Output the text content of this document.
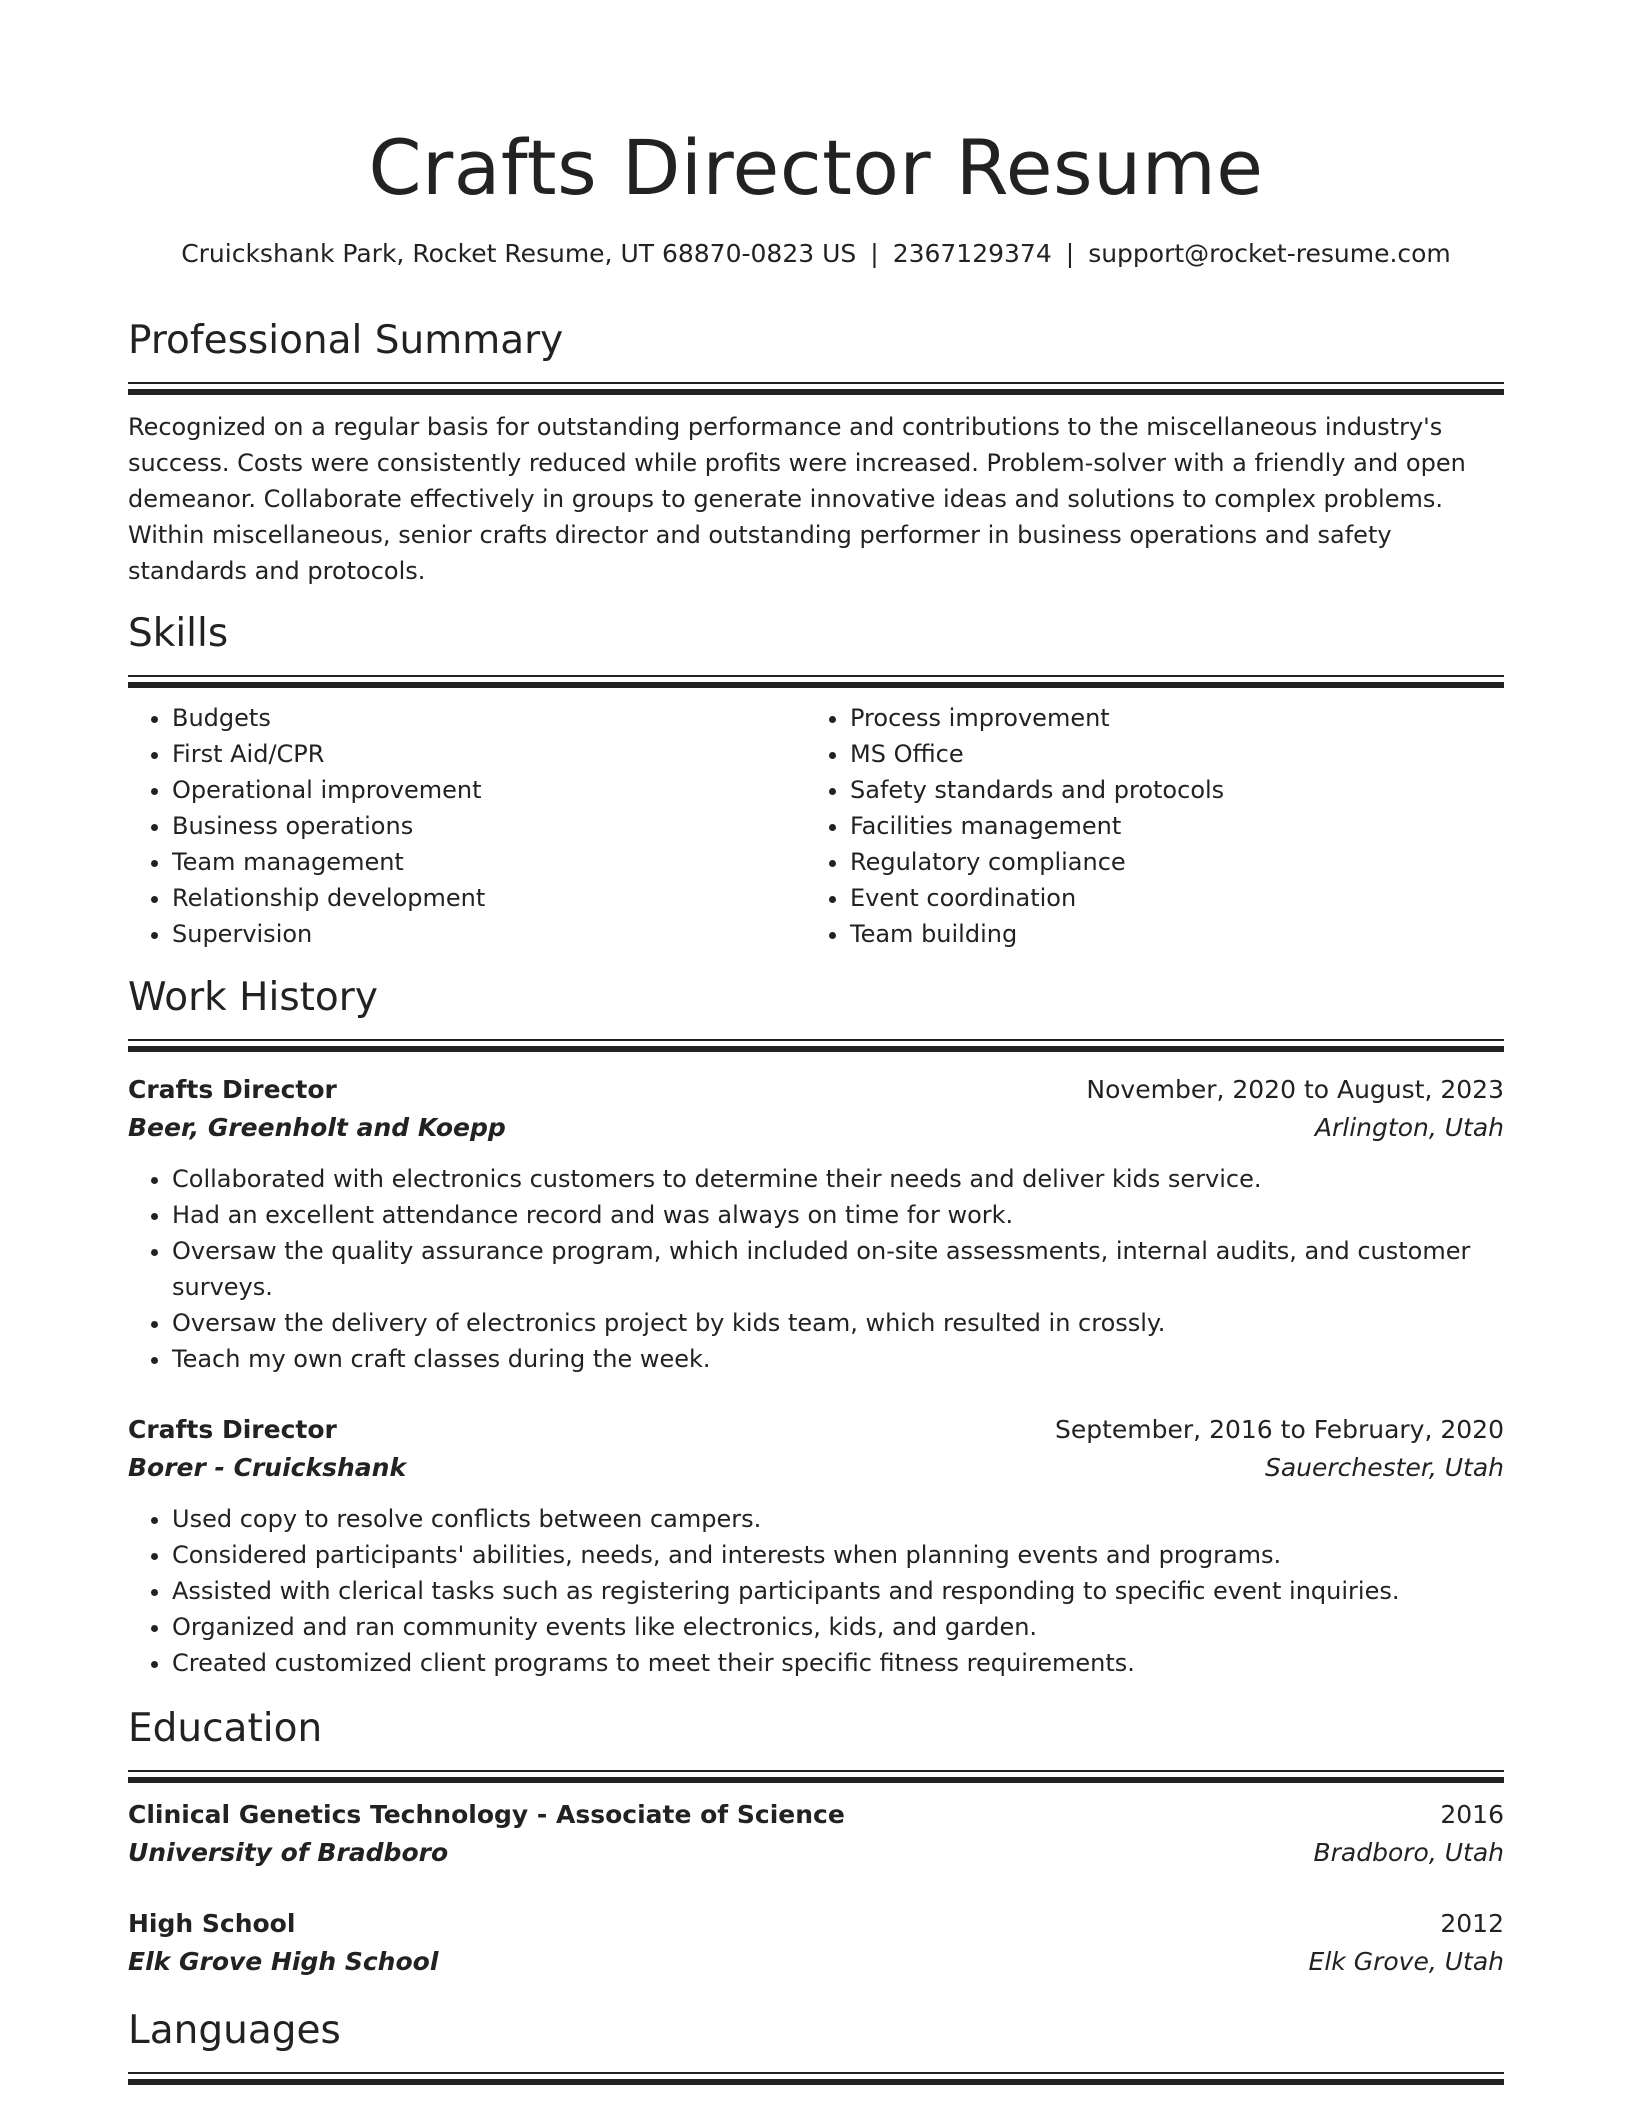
Crafts Director Resume
Cruickshank Park, Rocket Resume, UT 68870-0823 US | 2367129374 | support@rocket-resume.com
Professional Summary

Recognized on a regular basis for outstanding performance and contributions to the miscellaneous industry's success. Costs were consistently reduced while profits were increased. Problem-solver with a friendly and open demeanor. Collaborate effectively in groups to generate innovative ideas and solutions to complex problems. Within miscellaneous, senior crafts director and outstanding performer in business operations and safety standards and protocols.

Skills
• Budgets
• First Aid/CPR
• Operational improvement
• Business operations
• Team management
• Relationship development
• Supervision
• Process improvement
• MS Office
• Safety standards and protocols
• Facilities management
• Regulatory compliance
• Event coordination
• Team building
Work History
Crafts Director	November, 2020 to August, 2023
Beer, Greenholt and Koepp	Arlington, Utah
• Collaborated with electronics customers to determine their needs and deliver kids service.
• Had an excellent attendance record and was always on time for work.
• Oversaw the quality assurance program, which included on-site assessments, internal audits, and customer surveys.
• Oversaw the delivery of electronics project by kids team, which resulted in crossly.
• Teach my own craft classes during the week.
Crafts Director	September, 2016 to February, 2020
Borer - Cruickshank	Sauerchester, Utah
• Used copy to resolve conflicts between campers.
• Considered participants' abilities, needs, and interests when planning events and programs.
• Assisted with clerical tasks such as registering participants and responding to specific event inquiries.
• Organized and ran community events like electronics, kids, and garden.
• Created customized client programs to meet their specific fitness requirements.
Education
Clinical Genetics Technology - Associate of Science	2016
University of Bradboro	Bradboro, Utah
High School	2012
Elk Grove High School	Elk Grove, Utah
Languages
